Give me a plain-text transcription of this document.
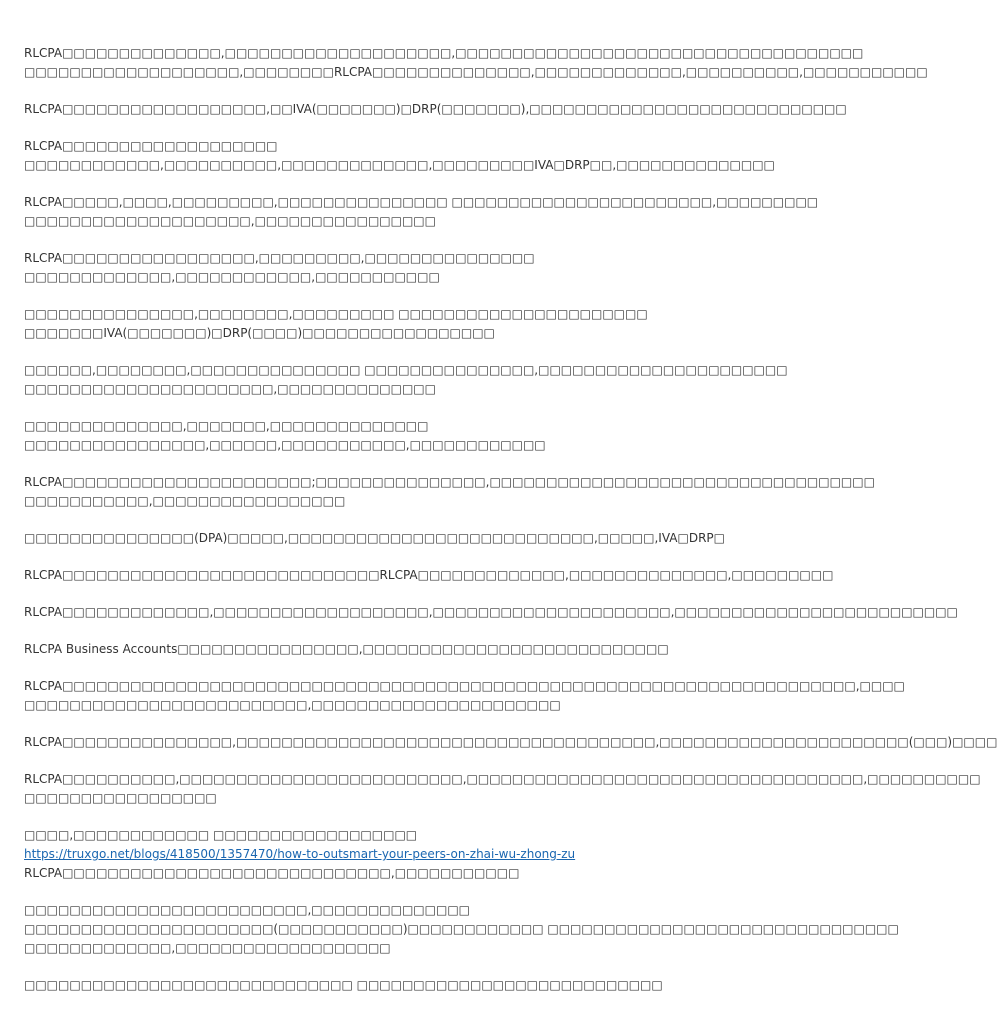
RLCPA□□□□□□□□□□□□□□,□□□□□□□□□□□□□□□□□□□□,□□□□□□□□□□□□□□□□□□□□□□□□□□□□□□□□□□□□
□□□□□□□□□□□□□□□□□□□,□□□□□□□□RLCPA□□□□□□□□□□□□□□,□□□□□□□□□□□□□,□□□□□□□□□□,□□□□□□□□□□□
RLCPA□□□□□□□□□□□□□□□□□□,□□IVA(□□□□□□□)□DRP(□□□□□□□),□□□□□□□□□□□□□□□□□□□□□□□□□□□□
RLCPA□□□□□□□□□□□□□□□□□□□
□□□□□□□□□□□□,□□□□□□□□□□,□□□□□□□□□□□□□,□□□□□□□□□IVA□DRP□□,□□□□□□□□□□□□□□
RLCPA□□□□□,□□□□,□□□□□□□□□,□□□□□□□□□□□□□□□ □□□□□□□□□□□□□□□□□□□□□□□,□□□□□□□□□
□□□□□□□□□□□□□□□□□□□□,□□□□□□□□□□□□□□□□
RLCPA□□□□□□□□□□□□□□□□□,□□□□□□□□□,□□□□□□□□□□□□□□□
□□□□□□□□□□□□□,□□□□□□□□□□□□,□□□□□□□□□□□
□□□□□□□□□□□□□□□,□□□□□□□□,□□□□□□□□□ □□□□□□□□□□□□□□□□□□□□□□
□□□□□□□IVA(□□□□□□□)□DRP(□□□□)□□□□□□□□□□□□□□□□□
□□□□□□,□□□□□□□□,□□□□□□□□□□□□□□□ □□□□□□□□□□□□□□□,□□□□□□□□□□□□□□□□□□□□□□
□□□□□□□□□□□□□□□□□□□□□□,□□□□□□□□□□□□□□
□□□□□□□□□□□□□□,□□□□□□□,□□□□□□□□□□□□□□
□□□□□□□□□□□□□□□□,□□□□□□,□□□□□□□□□□□,□□□□□□□□□□□□
RLCPA□□□□□□□□□□□□□□□□□□□□□□;□□□□□□□□□□□□□□□,□□□□□□□□□□□□□□□□□□□□□□□□□□□□□□□□□□
□□□□□□□□□□□,□□□□□□□□□□□□□□□□□
□□□□□□□□□□□□□□□(DPA)□□□□□,□□□□□□□□□□□□□□□□□□□□□□□□□□□,□□□□□,IVA□DRP□
RLCPA□□□□□□□□□□□□□□□□□□□□□□□□□□□□RLCPA□□□□□□□□□□□□□,□□□□□□□□□□□□□□,□□□□□□□□□
RLCPA□□□□□□□□□□□□□,□□□□□□□□□□□□□□□□□□□,□□□□□□□□□□□□□□□□□□□□□,□□□□□□□□□□□□□□□□□□□□□□□□□
RLCPA Business Accounts□□□□□□□□□□□□□□□□,□□□□□□□□□□□□□□□□□□□□□□□□□□□
RLCPA□□□□□□□□□□□□□□□□□□□□□□□□□□□□□□□□□□□□□□□□□□□□□□□□□□□□□□□□□□□□□□□□□□□□□□,□□□□
□□□□□□□□□□□□□□□□□□□□□□□□□,□□□□□□□□□□□□□□□□□□□□□□
RLCPA□□□□□□□□□□□□□□□,□□□□□□□□□□□□□□□□□□□□□□□□□□□□□□□□□□□□□,□□□□□□□□□□□□□□□□□□□□□□(□□□)□□□□
RLCPA□□□□□□□□□□,□□□□□□□□□□□□□□□□□□□□□□□□□,□□□□□□□□□□□□□□□□□□□□□□□□□□□□□□□□□□□,□□□□□□□□□□
□□□□□□□□□□□□□□□□□
□□□□,□□□□□□□□□□□□ □□□□□□□□□□□□□□□□□□ https://truxgo.net/blogs/418500/1357470/how-to-outsmart-your-peers-on-zhai-wu-zhong-zu RLCPA□□□□□□□□□□□□□□□□□□□□□□□□□□□□□,□□□□□□□□□□□
□□□□□□□□□□□□□□□□□□□□□□□□□,□□□□□□□□□□□□□□
□□□□□□□□□□□□□□□□□□□□□□(□□□□□□□□□□□)□□□□□□□□□□□□ □□□□□□□□□□□□□□□□□□□□□□□□□□□□□□□
□□□□□□□□□□□□□,□□□□□□□□□□□□□□□□□□□
□□□□□□□□□□□□□□□□□□□□□□□□□□□□□ □□□□□□□□□□□□□□□□□□□□□□□□□□□
